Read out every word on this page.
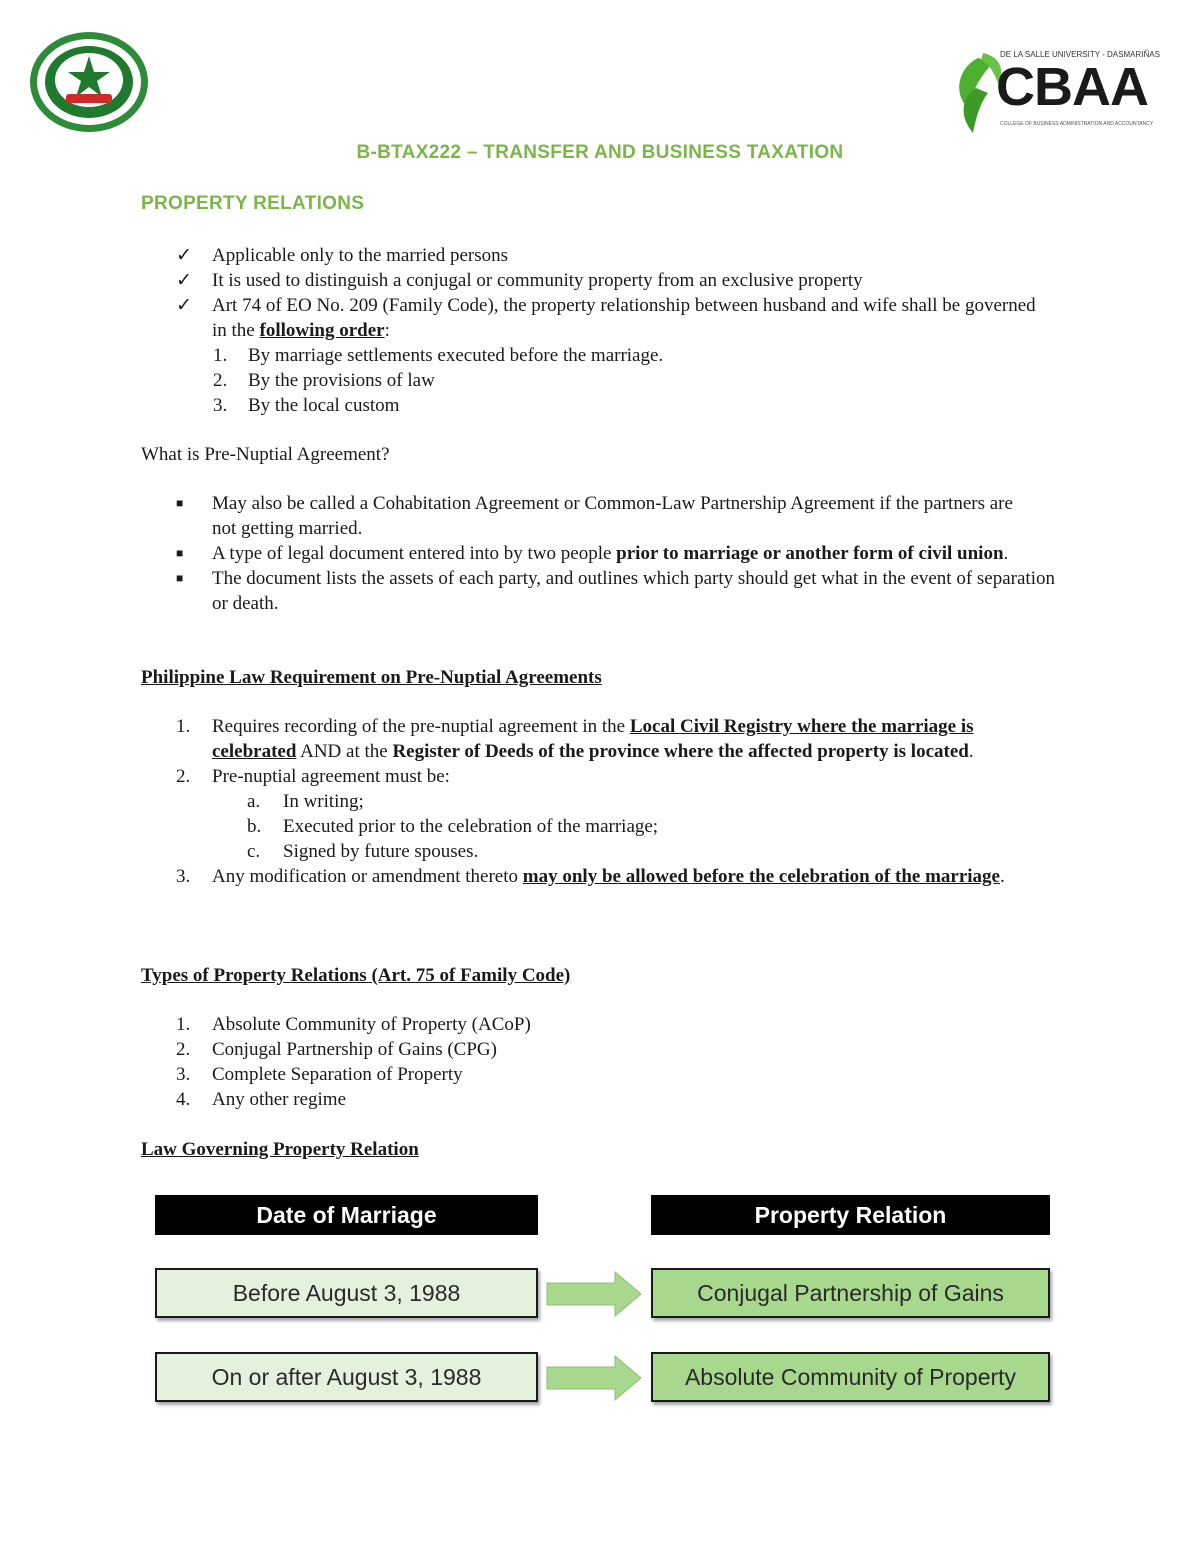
DE LA SALLE UNIVERSITY - DASMARIÑAS
CBAA
COLLEGE OF BUSINESS ADMINISTRATION AND ACCOUNTANCY
B-BTAX222 – TRANSFER AND BUSINESS TAXATION
PROPERTY RELATIONS
✓ Applicable only to the married persons
✓ It is used to distinguish a conjugal or community property from an exclusive property
✓ Art 74 of EO No. 209 (Family Code), the property relationship between husband and wife shall be governed in the following order:
1. By marriage settlements executed before the marriage.
2. By the provisions of law
3. By the local custom
What is Pre-Nuptial Agreement?
■ May also be called a Cohabitation Agreement or Common-Law Partnership Agreement if the partners are not getting married.
■ A type of legal document entered into by two people prior to marriage or another form of civil union.
■ The document lists the assets of each party, and outlines which party should get what in the event of separation or death.
Philippine Law Requirement on Pre-Nuptial Agreements
1. Requires recording of the pre-nuptial agreement in the Local Civil Registry where the marriage is celebrated AND at the Register of Deeds of the province where the affected property is located.
2. Pre-nuptial agreement must be:
a. In writing;
b. Executed prior to the celebration of the marriage;
c. Signed by future spouses.
3. Any modification or amendment thereto may only be allowed before the celebration of the marriage.
Types of Property Relations (Art. 75 of Family Code)
1. Absolute Community of Property (ACoP)
2. Conjugal Partnership of Gains (CPG)
3. Complete Separation of Property
4. Any other regime
Law Governing Property Relation
Date of Marriage	Property Relation
Before August 3, 1988	Conjugal Partnership of Gains
On or after August 3, 1988	Absolute Community of Property
